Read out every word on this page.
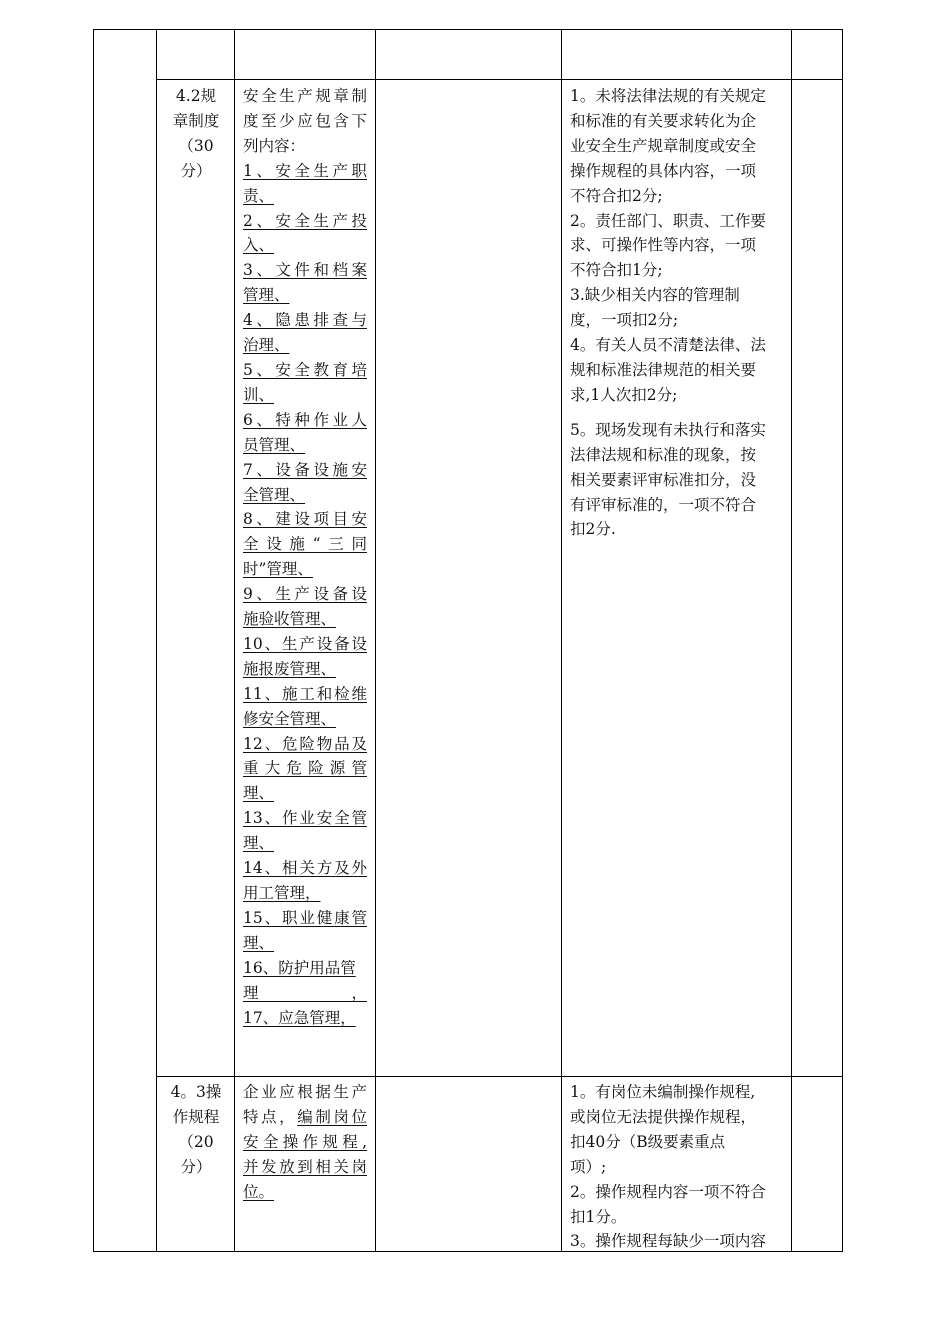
4.2规
章制度
（30
分）
安全生产规章制
度至少应包含下
列内容：
1、安全生产职
责、
2、安全生产投
入、
3、文件和档案
管理、
4、隐患排查与
治理、
5、安全教育培
训、
6、特种作业人
员管理、
7、设备设施安
全管理、
8、建设项目安
全设施“三同
时”管理、
9、生产设备设
施验收管理、
10、生产设备设
施报废管理、
11、施工和检维
修安全管理、
12、危险物品及
重大危险源管
理、
13、作业安全管
理、
14、相关方及外
用工管理，
15、职业健康管
理、
16、防护用品管
理，
17、应急管理，

1。未将法律法规的有关规定
和标准的有关要求转化为企
业安全生产规章制度或安全
操作规程的具体内容，一项
不符合扣2分;

2。责任部门、职责、工作要
求、可操作性等内容，一项
不符合扣1分;

3.缺少相关内容的管理制
度，一项扣2分;

4。有关人员不清楚法律、法
规和标准法律规范的相关要
求,1人次扣2分;

5。现场发现有未执行和落实
法律法规和标准的现象，按
相关要素评审标准扣分，没
有评审标准的，一项不符合
扣2分.

4。3操
作规程
（20
分）
企业应根据生产
特点，编制岗位
安全操作规程,
并发放到相关岗
位。

1。有岗位未编制操作规程,
或岗位无法提供操作规程，
扣40分（B级要素重点
项）;

2。操作规程内容一项不符合
扣1分。

3。操作规程每缺少一项内容
